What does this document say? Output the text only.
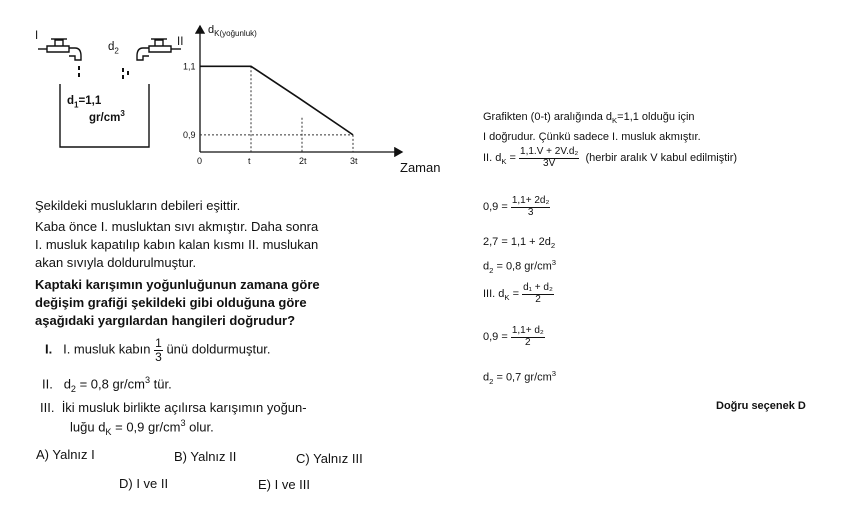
I	II
$d_2$
$d_1=1,1$
$gr/cm^3$
0	t	2t	3t
1,1
0,9
$d_{K(yoğunluk)}$
Zaman
Şekildeki muslukların debileri eşittir.
Kaba önce I. musluktan sıvı akmıştır. Daha sonra
I. musluk kapatılıp kabın kalan kısmı II. muslukan
akan sıvıyla doldurulmuştur.
Kaptaki karışımın yoğunluğunun zamana göre
değişim grafiği şekildeki gibi olduğuna göre
aşağıdaki yargılardan hangileri doğrudur?
I. I. musluk kabın $\frac{1}{3}$ ünü doldurmuştur.
II. $d_2 = 0,8$ $gr/cm^3$ tür.
III. İki musluk birlikte açılırsa karışımın yoğun-
luğu $d_K = 0,9$ $gr/cm^3$ olur.
A) Yalnız I	B) Yalnız II	C) Yalnız III
D) I ve II	E) I ve III
Grafikten (0-t) aralığında $d_K=1,1$ olduğu için
I doğrudur. Çünkü sadece I. musluk akmıştır.
II. $d_K = \frac{\text{1,1.V + 2V.d₂}}{3V}$ (herbir aralık V kabul edilmiştir)
$0,9 = \frac{\text{1,1+ 2d₂}}{3}$
$2,7 = 1,1 + 2d_2$
$d_2 = 0,8$ $gr/cm^3$
III. $d_K = \frac{\text{d₁ + d₂}}{2}$
$0,9 = \frac{\text{1,1+ d₂}}{2}$
$d_2 = 0,7$ $gr/cm^3$
Doğru seçenek D
